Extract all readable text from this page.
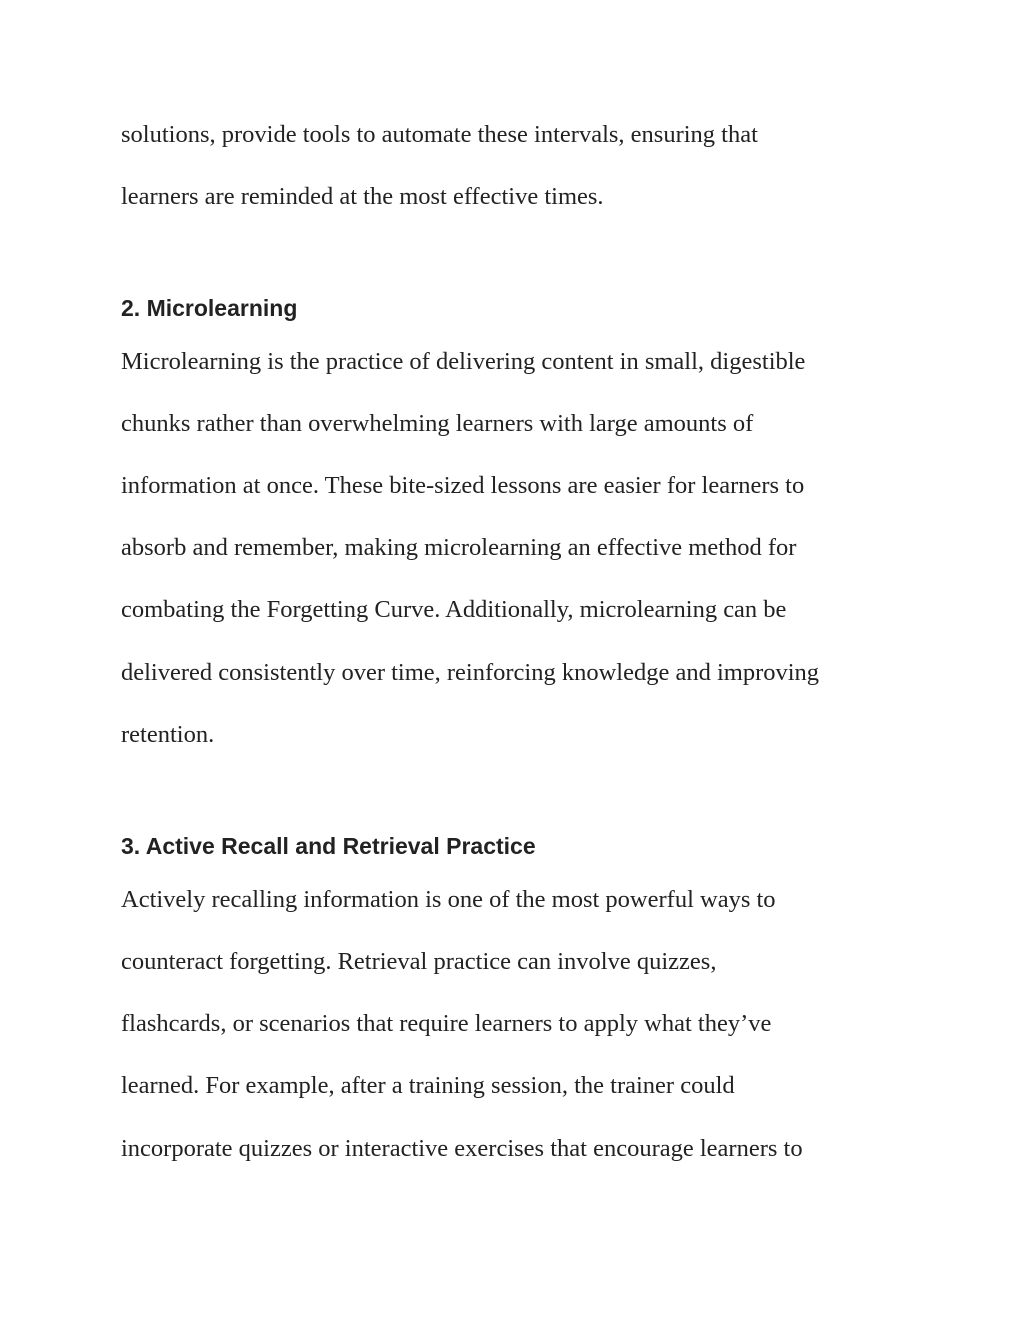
solutions, provide tools to automate these intervals, ensuring that
learners are reminded at the most effective times.
2. Microlearning
Microlearning is the practice of delivering content in small, digestible
chunks rather than overwhelming learners with large amounts of
information at once. These bite-sized lessons are easier for learners to
absorb and remember, making microlearning an effective method for
combating the Forgetting Curve. Additionally, microlearning can be
delivered consistently over time, reinforcing knowledge and improving
retention.
3. Active Recall and Retrieval Practice
Actively recalling information is one of the most powerful ways to
counteract forgetting. Retrieval practice can involve quizzes,
flashcards, or scenarios that require learners to apply what they’ve
learned. For example, after a training session, the trainer could
incorporate quizzes or interactive exercises that encourage learners to
